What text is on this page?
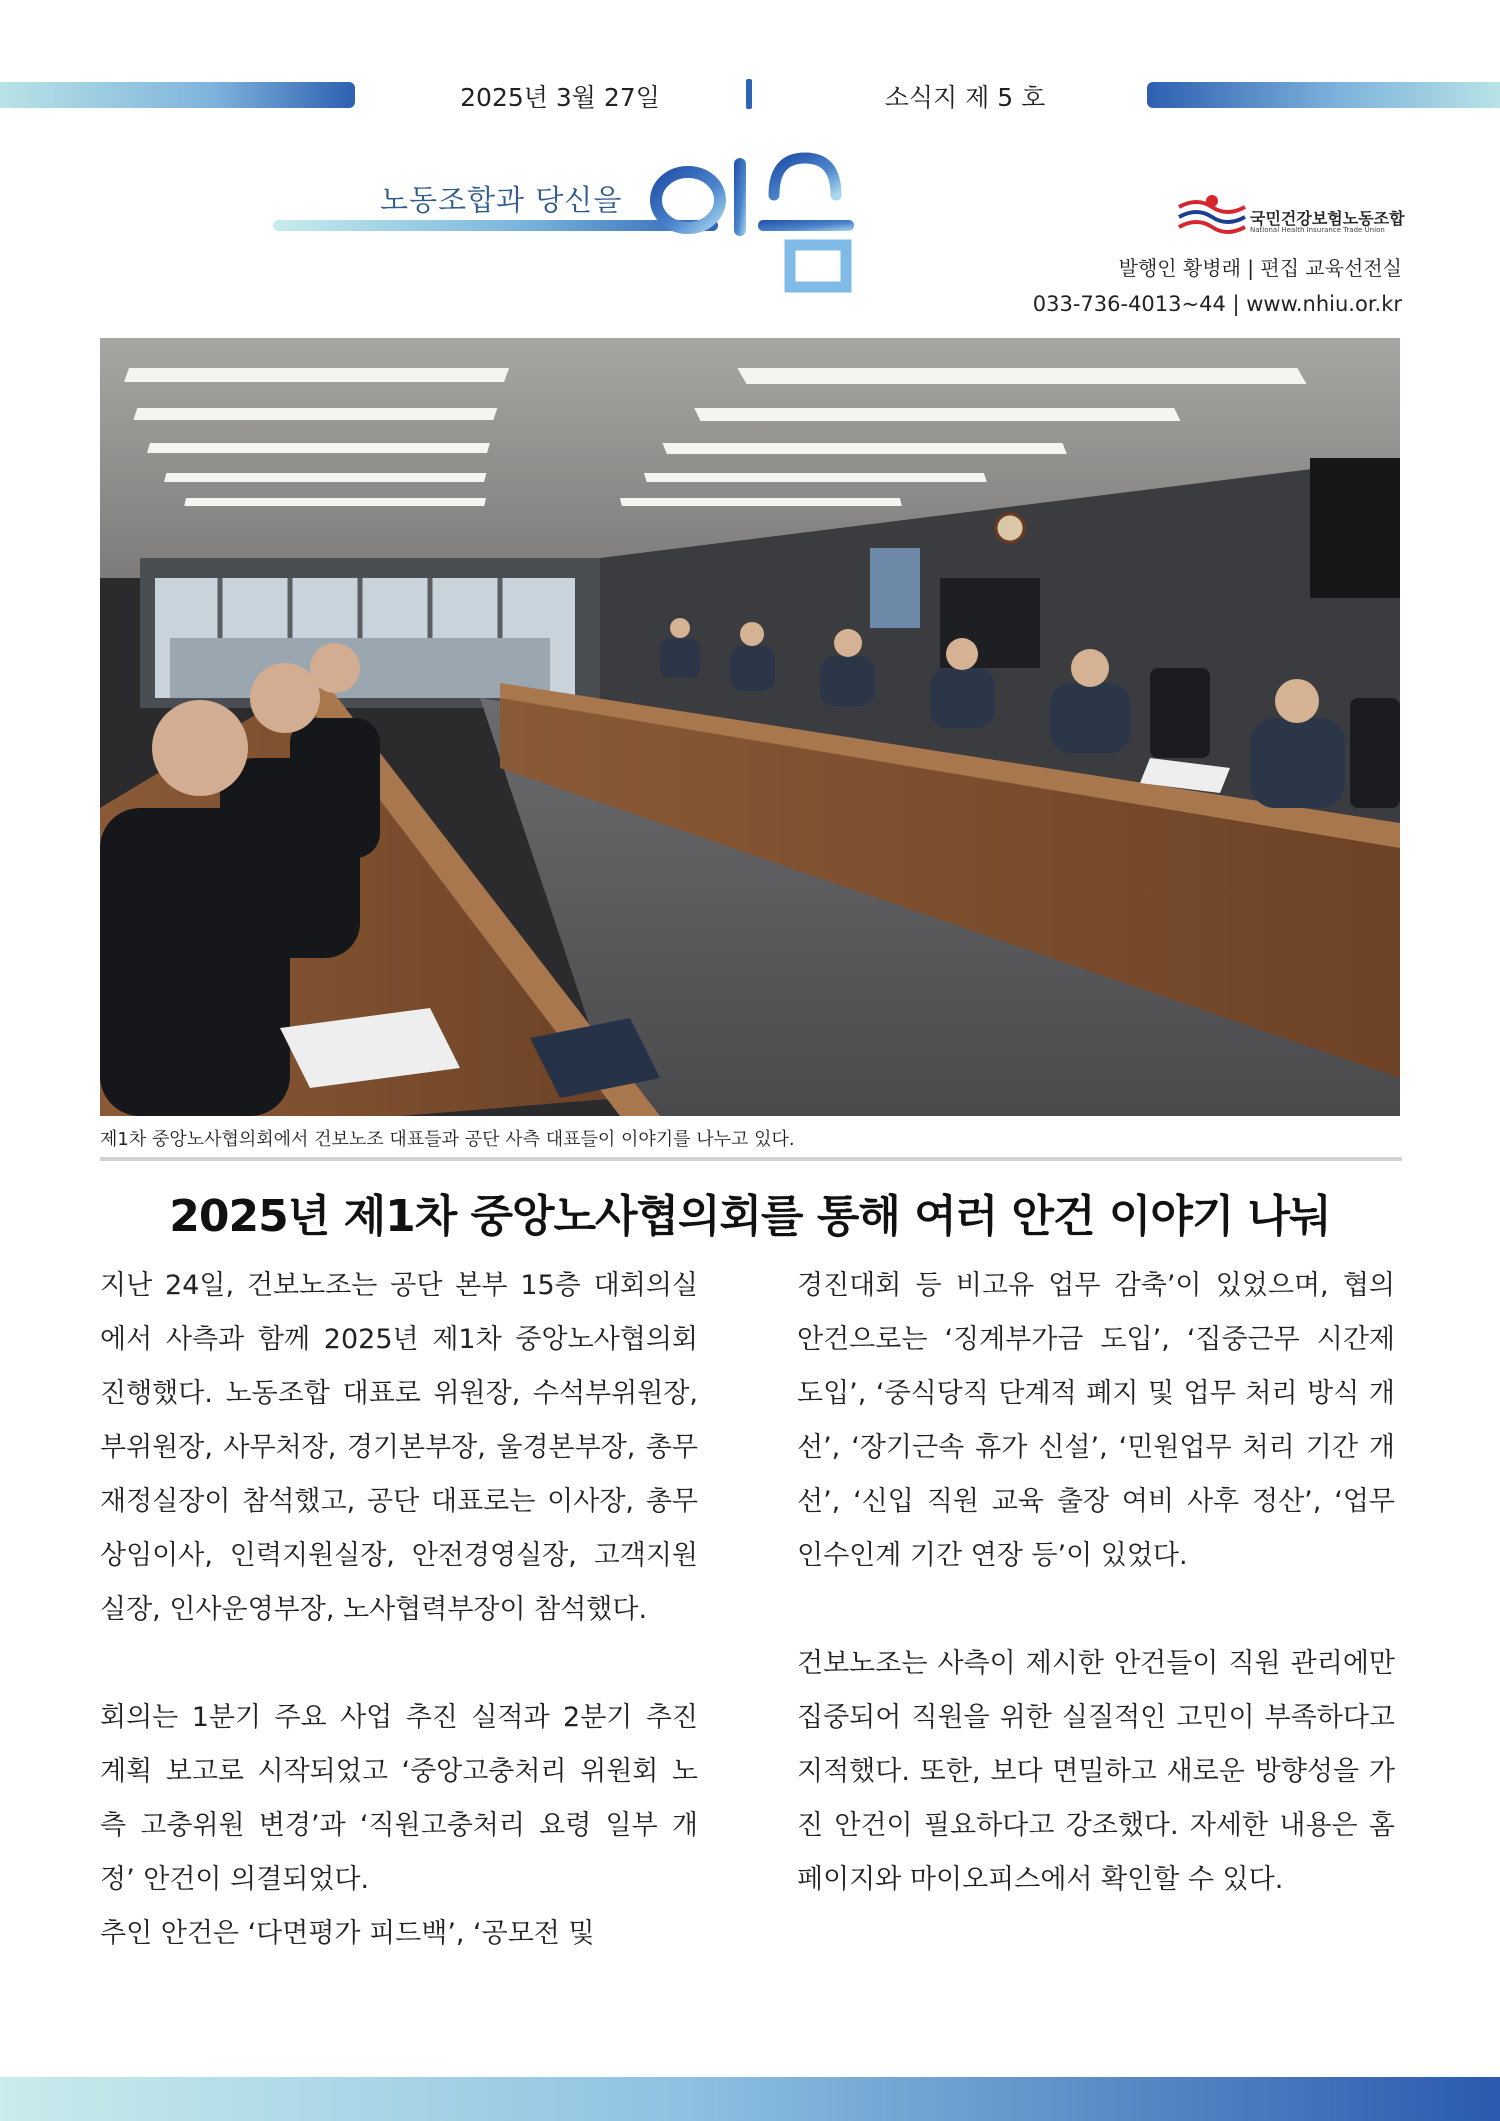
2025년 3월 27일	소식지 제 5 호
노동조합과 당신을
국민건강보험노동조합
National Health Insurance Trade Union
발행인 황병래 | 편집 교육선전실
033-736-4013~44 | www.nhiu.or.kr
제1차 중앙노사협의회에서 건보노조 대표들과 공단 사측 대표들이 이야기를 나누고 있다.
2025년 제1차 중앙노사협의회를 통해 여러 안건 이야기 나눠

지난 24일, 건보노조는 공단 본부 15층 대회의실에서 사측과 함께 2025년 제1차 중앙노사협의회 진행했다. 노동조합 대표로 위원장, 수석부위원장, 부위원장, 사무처장, 경기본부장, 울경본부장, 총무재정실장이 참석했고, 공단 대표로는 이사장, 총무상임이사, 인력지원실장, 안전경영실장, 고객지원실장, 인사운영부장, 노사협력부장이 참석했다.

회의는 1분기 주요 사업 추진 실적과 2분기 추진 계획 보고로 시작되었고 ‘중앙고충처리 위원회 노측 고충위원 변경’과 ‘직원고충처리 요령 일부 개정’ 안건이 의결되었다.

추인 안건은 ‘다면평가 피드백’, ‘공모전 및

경진대회 등 비고유 업무 감축’이 있었으며, 협의 안건으로는 ‘징계부가금 도입’, ‘집중근무 시간제 도입’, ‘중식당직 단계적 폐지 및 업무 처리 방식 개선’, ‘장기근속 휴가 신설’, ‘민원업무 처리 기간 개선’, ‘신입 직원 교육 출장 여비 사후 정산’, ‘업무 인수인계 기간 연장 등’이 있었다.

건보노조는 사측이 제시한 안건들이 직원 관리에만 집중되어 직원을 위한 실질적인 고민이 부족하다고 지적했다. 또한, 보다 면밀하고 새로운 방향성을 가진 안건이 필요하다고 강조했다. 자세한 내용은 홈페이지와 마이오피스에서 확인할 수 있다.
